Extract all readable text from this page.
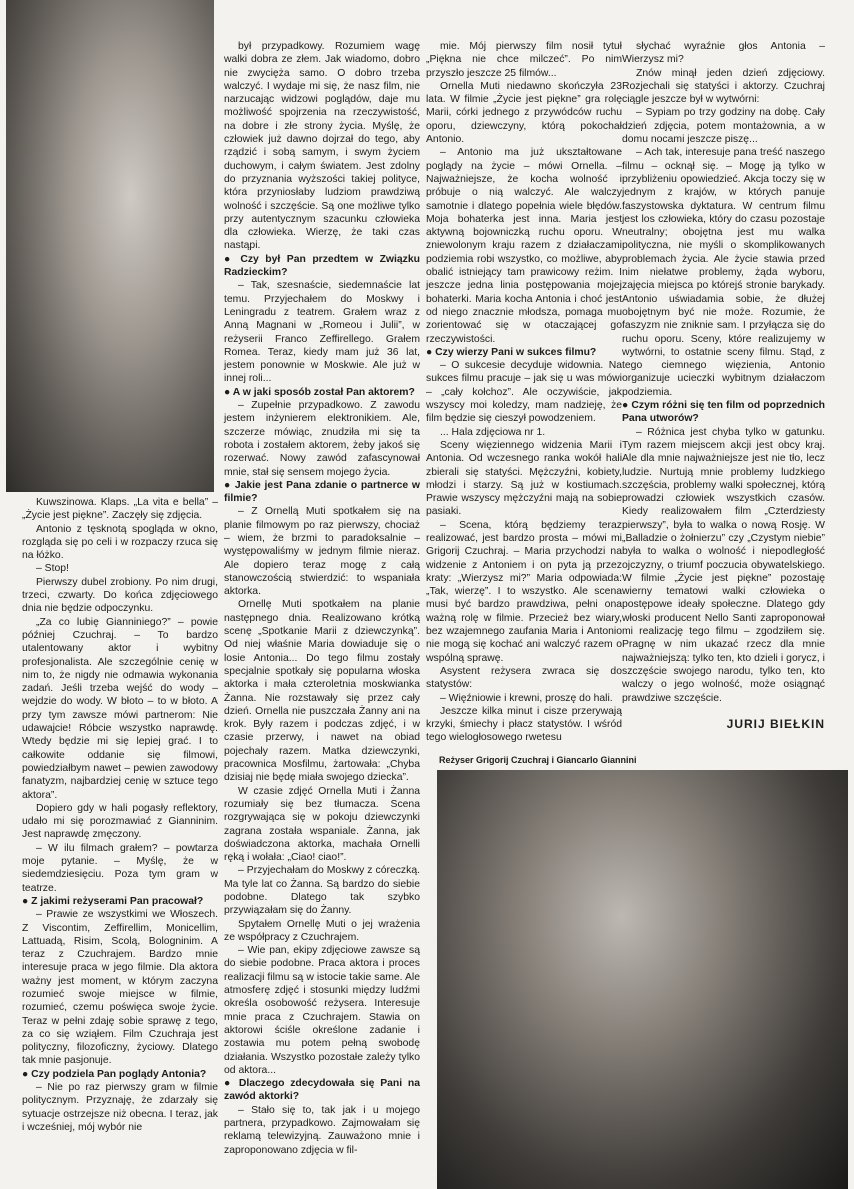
Reżyser Grigorij Czuchraj i Giancarlo Giannini

Kuwszinowa. Klaps. „La vita e bella” – „Życie jest piękne”. Zaczęły się zdjęcia.

Antonio z tęsknotą spogląda w okno, rozgląda się po celi i w rozpaczy rzuca się na łóżko.

– Stop!

Pierwszy dubel zrobiony. Po nim drugi, trzeci, czwarty. Do końca zdjęciowego dnia nie będzie odpoczynku.

„Za co lubię Gianniniego?” – powie później Czuchraj. – To bardzo utalentowany aktor i wybitny profesjonalista. Ale szczególnie cenię w nim to, że nigdy nie odmawia wykonania zadań. Jeśli trzeba wejść do wody – wejdzie do wody. W błoto – to w błoto. A przy tym zawsze mówi partnerom: Nie udawajcie! Róbcie wszystko naprawdę. Wtedy będzie mi się lepiej grać. I to całkowite oddanie się filmowi, powiedziałbym nawet – pewien zawodowy fanatyzm, najbardziej cenię w sztuce tego aktora”.

Dopiero gdy w hali pogasły reflektory, udało mi się porozmawiać z Gianninim. Jest naprawdę zmęczony.

– W ilu filmach grałem? – powtarza moje pytanie. – Myślę, że w siedemdziesięciu. Poza tym gram w teatrze.

● Z jakimi reżyserami Pan pracował?

– Prawie ze wszystkimi we Włoszech. Z Viscontim, Zeffirellim, Monicellim, Lattuadą, Risim, Scolą, Bologninim. A teraz z Czuchrajem. Bardzo mnie interesuje praca w jego filmie. Dla aktora ważny jest moment, w którym zaczyna rozumieć swoje miejsce w filmie, rozumieć, czemu poświęca swoje życie. Teraz w pełni zdaję sobie sprawę z tego, za co się wziąłem. Film Czuchraja jest polityczny, filozoficzny, życiowy. Dlatego tak mnie pasjonuje.

● Czy podziela Pan poglądy Antonia?

– Nie po raz pierwszy gram w filmie politycznym. Przyznaję, że zdarzały się sytuacje ostrzejsze niż obecna. I teraz, jak i wcześniej, mój wybór nie

był przypadkowy. Rozumiem wagę walki dobra ze złem. Jak wiadomo, dobro nie zwycięża samo. O dobro trzeba walczyć. I wydaje mi się, że nasz film, nie narzucając widzowi poglądów, daje mu możliwość spojrzenia na rzeczywistość, na dobre i złe strony życia. Myślę, że człowiek już dawno dojrzał do tego, aby rządzić i sobą samym, i swym życiem duchowym, i całym światem. Jest zdolny do przyznania wyższości takiej polityce, która przyniosłaby ludziom prawdziwą wolność i szczęście. Są one możliwe tylko przy autentycznym szacunku człowieka dla człowieka. Wierzę, że taki czas nastąpi.

● Czy był Pan przedtem w Związku Radzieckim?

– Tak, szesnaście, siedemnaście lat temu. Przyjechałem do Moskwy i Leningradu z teatrem. Grałem wraz z Anną Magnani w „Romeou i Julii”, w reżyserii Franco Zeffirellego. Grałem Romea. Teraz, kiedy mam już 36 lat, jestem ponownie w Moskwie. Ale już w innej roli...

● A w jaki sposób został Pan aktorem?

– Zupełnie przypadkowo. Z zawodu jestem inżynierem elektronikiem. Ale, szczerze mówiąc, znudziła mi się ta robota i zostałem aktorem, żeby jakoś się rozerwać. Nowy zawód zafascynował mnie, stał się sensem mojego życia.

● Jakie jest Pana zdanie o partnerce w filmie?

– Z Ornellą Muti spotkałem się na planie filmowym po raz pierwszy, chociaż – wiem, że brzmi to paradoksalnie – występowaliśmy w jednym filmie nieraz. Ale dopiero teraz mogę z całą stanowczością stwierdzić: to wspaniała aktorka.

Ornellę Muti spotkałem na planie następnego dnia. Realizowano krótką scenę „Spotkanie Marii z dziewczynką”. Od niej właśnie Maria dowiaduje się o losie Antonia... Do tego filmu zostały specjalnie spotkały się popularna włoska aktorka i mała czteroletnia moskwianka Żanna. Nie rozstawały się przez cały dzień. Ornella nie puszczała Żanny ani na krok. Były razem i podczas zdjęć, i w czasie przerwy, i nawet na obiad pojechały razem. Matka dziewczynki, pracownica Mosfilmu, żartowała: „Chyba dzisiaj nie będę miała swojego dziecka”.

W czasie zdjęć Ornella Muti i Żanna rozumiały się bez tłumacza. Scena rozgrywająca się w pokoju dziewczynki zagrana została wspaniale. Żanna, jak doświadczona aktorka, machała Ornelli ręką i wołała: „Ciao! ciao!”.

– Przyjechałam do Moskwy z córeczką. Ma tyle lat co Żanna. Są bardzo do siebie podobne. Dlatego tak szybko przywiązałam się do Żanny.

Spytałem Ornellę Muti o jej wrażenia ze współpracy z Czuchrajem.

– Wie pan, ekipy zdjęciowe zawsze są do siebie podobne. Praca aktora i proces realizacji filmu są w istocie takie same. Ale atmosferę zdjęć i stosunki między ludźmi określa osobowość reżysera. Interesuje mnie praca z Czuchrajem. Stawia on aktorowi ściśle określone zadanie i zostawia mu potem pełną swobodę działania. Wszystko pozostałe zależy tylko od aktora...

● Dlaczego zdecydowała się Pani na zawód aktorki?

– Stało się to, tak jak i u mojego partnera, przypadkowo. Zajmowałam się reklamą telewizyjną. Zauważono mnie i zaproponowano zdjęcia w fil-

mie. Mój pierwszy film nosił tytuł „Piękna nie chce milczeć”. Po nim przyszło jeszcze 25 filmów...

Ornella Muti niedawno skończyła 23 lata. W filmie „Życie jest piękne” gra rolę Marii, córki jednego z przywódców ruchu oporu, dziewczyny, którą pokochał Antonio.

– Antonio ma już ukształtowane poglądy na życie – mówi Ornella. – Najważniejsze, że kocha wolność i próbuje o nią walczyć. Ale walczy samotnie i dlatego popełnia wiele błędów. Moja bohaterka jest inna. Maria jest aktywną bojowniczką ruchu oporu. W zniewolonym kraju razem z działaczami podziemia robi wszystko, co możliwe, aby obalić istniejący tam prawicowy reżim. I jeszcze jedna linia postępowania mojej bohaterki. Maria kocha Antonia i choć jest od niego znacznie młodsza, pomaga mu zorientować się w otaczającej go rzeczywistości.

● Czy wierzy Pani w sukces filmu?

– O sukcesie decyduje widownia. Na sukces filmu pracuje – jak się u was mówi – „cały kołchoz”. Ale oczywiście, jak wszyscy moi koledzy, mam nadzieję, że film będzie się cieszył powodzeniem.

... Hala zdjęciowa nr 1.

Sceny więziennego widzenia Marii i Antonia. Od wczesnego ranka wokół hali zbierali się statyści. Mężczyźni, kobiety, młodzi i starzy. Są już w kostiumach. Prawie wszyscy mężczyźni mają na sobie pasiaki.

– Scena, którą będziemy teraz realizować, jest bardzo prosta – mówi mi Grigorij Czuchraj. – Maria przychodzi na widzenie z Antoniem i on pyta ją przez kraty: „Wierzysz mi?” Maria odpowiada: „Tak, wierzę”. I to wszystko. Ale scena musi być bardzo prawdziwa, pełni ona ważną rolę w filmie. Przecież bez wiary, bez wzajemnego zaufania Maria i Antonio nie mogą się kochać ani walczyć razem o wspólną sprawę.

Asystent reżysera zwraca się do statystów:

– Więźniowie i krewni, proszę do hali.

Jeszcze kilka minut i cisze przerywają krzyki, śmiechy i płacz statystów. I wśród tego wielogłosowego rwetesu

słychać wyraźnie głos Antonia – Wierzysz mi?

Znów minął jeden dzień zdjęciowy. Rozjechali się statyści i aktorzy. Czuchraj ciągle jeszcze był w wytwórni:

– Sypiam po trzy godziny na dobę. Cały dzień zdjęcia, potem montażownia, a w domu nocami jeszcze piszę...

– Ach tak, interesuje pana treść naszego filmu – ocknął się. – Mogę ją tylko w przybliżeniu opowiedzieć. Akcja toczy się w jednym z krajów, w których panuje faszystowska dyktatura. W centrum filmu jest los człowieka, który do czasu pozostaje neutralny; obojętna jest mu walka polityczna, nie myśli o skomplikowanych problemach życia. Ale życie stawia przed nim niełatwe problemy, żąda wyboru, zajęcia miejsca po którejś stronie barykady. Antonio uświadamia sobie, że dłużej obojętnym być nie może. Rozumie, że faszyzm nie zniknie sam. I przyłącza się do ruchu oporu. Sceny, które realizujemy w wytwórni, to ostatnie sceny filmu. Stąd, z tego ciemnego więzienia, Antonio organizuje ucieczki wybitnym działaczom podziemia.

● Czym różni się ten film od poprzednich Pana utworów?

– Różnica jest chyba tylko w gatunku. Tym razem miejscem akcji jest obcy kraj. Ale dla mnie najważniejsze jest nie tło, lecz ludzie. Nurtują mnie problemy ludzkiego szczęścia, problemy walki społecznej, którą prowadzi człowiek wszystkich czasów. Kiedy realizowałem film „Czterdziesty pierwszy”, była to walka o nową Rosję. W „Balladzie o żołnierzu” czy „Czystym niebie” była to walka o wolność i niepodległość ojczyzny, o triumf poczucia obywatelskiego. W filmie „Życie jest piękne” pozostaję wierny tematowi walki człowieka o postępowe ideały społeczne. Dlatego gdy włoski producent Nello Santi zaproponował mi realizację tego filmu – zgodziłem się. Pragnę w nim ukazać rzecz dla mnie najważniejszą: tylko ten, kto dzieli i gorycz, i szczęście swojego narodu, tylko ten, kto walczy o jego wolność, może osiągnąć prawdziwe szczęście.

JURIJ BIEŁKIN
